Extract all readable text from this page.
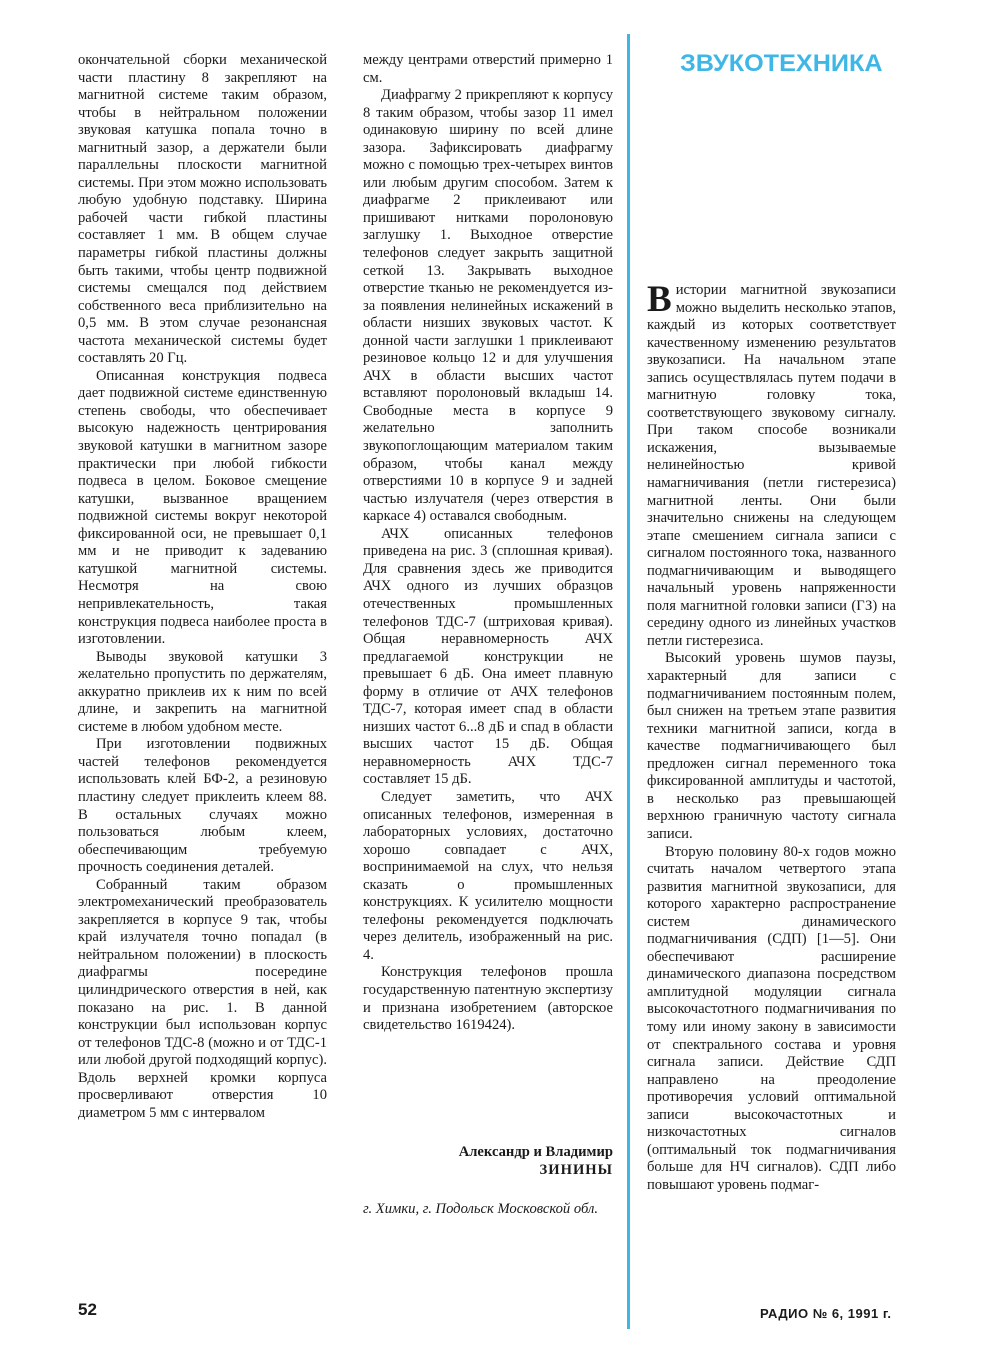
ЗВУКОТЕХНИКА

окончательной сборки механической части пластину 8 закрепляют на магнитной системе таким образом, чтобы в нейтральном положении звуковая катушка попала точно в магнитный зазор, а держатели были параллельны плоскости магнитной системы. При этом можно использовать любую удобную подставку. Ширина рабочей части гибкой пластины составляет 1 мм. В общем случае параметры гибкой пластины должны быть такими, чтобы центр подвижной системы смещался под действием собственного веса приблизительно на 0,5 мм. В этом случае резонансная частота механической системы будет составлять 20 Гц.

Описанная конструкция подвеса дает подвижной системе единственную степень свободы, что обеспечивает высокую надежность центрирования звуковой катушки в магнитном зазоре практически при любой гибкости подвеса в целом. Боковое смещение катушки, вызванное вращением подвижной системы вокруг некоторой фиксированной оси, не превышает 0,1 мм и не приводит к задеванию катушкой магнитной системы. Несмотря на свою непривлекательность, такая конструкция подвеса наиболее проста в изготовлении.

Выводы звуковой катушки 3 желательно пропустить по держателям, аккуратно приклеив их к ним по всей длине, и закрепить на магнитной системе в любом удобном месте.

При изготовлении подвижных частей телефонов рекомендуется использовать клей БФ-2, а резиновую пластину следует приклеить клеем 88. В остальных случаях можно пользоваться любым клеем, обеспечивающим требуемую прочность соединения деталей.

Собранный таким образом электромеханический преобразователь закрепляется в корпусе 9 так, чтобы край излучателя точно попадал (в нейтральном положении) в плоскость диафрагмы посередине цилиндрического отверстия в ней, как показано на рис. 1. В данной конструкции был использован корпус от телефонов ТДС-8 (можно и от ТДС-1 или любой другой подходящий корпус). Вдоль верхней кромки корпуса просверливают отверстия 10 диаметром 5 мм с интервалом

между центрами отверстий примерно 1 см.

Диафрагму 2 прикрепляют к корпусу 8 таким образом, чтобы зазор 11 имел одинаковую ширину по всей длине зазора. Зафиксировать диафрагму можно с помощью трех-четырех винтов или любым другим способом. Затем к диафрагме 2 приклеивают или пришивают нитками поролоновую заглушку 1. Выходное отверстие телефонов следует закрыть защитной сеткой 13. Закрывать выходное отверстие тканью не рекомендуется из-за появления нелинейных искажений в области низших звуковых частот. К донной части заглушки 1 приклеивают резиновое кольцо 12 и для улучшения АЧХ в области высших частот вставляют поролоновый вкладыш 14. Свободные места в корпусе 9 желательно заполнить звукопоглощающим материалом таким образом, чтобы канал между отверстиями 10 в корпусе 9 и задней частью излучателя (через отверстия в каркасе 4) оставался свободным.

АЧХ описанных телефонов приведена на рис. 3 (сплошная кривая). Для сравнения здесь же приводится АЧХ одного из лучших образцов отечественных промышленных телефонов ТДС-7 (штриховая кривая). Общая неравномерность АЧХ предлагаемой конструкции не превышает 6 дБ. Она имеет плавную форму в отличие от АЧХ телефонов ТДС-7, которая имеет спад в области низших частот 6...8 дБ и спад в области высших частот 15 дБ. Общая неравномерность АЧХ ТДС-7 составляет 15 дБ.

Следует заметить, что АЧХ описанных телефонов, измеренная в лабораторных условиях, достаточно хорошо совпадает с АЧХ, воспринимаемой на слух, что нельзя сказать о промышленных конструкциях. К усилителю мощности телефоны рекомендуется подключать через делитель, изображенный на рис. 4.

Конструкция телефонов прошла государственную патентную экспертизу и признана изобретением (авторское свидетельство 1619424).

Александр и Владимир

ЗИНИНЫ

г. Химки, г. Подольск Московской обл.

Вистории магнитной звукозаписи можно выделить несколько этапов, каждый из которых соответствует качественному изменению результатов звукозаписи. На начальном этапе запись осуществлялась путем подачи в магнитную головку тока, соответствующего звуковому сигналу. При таком способе возникали искажения, вызываемые нелинейностью кривой намагничивания (петли гистерезиса) магнитной ленты. Они были значительно снижены на следующем этапе смешением сигнала записи с сигналом постоянного тока, названного подмагничивающим и выводящего начальный уровень напряженности поля магнитной головки записи (ГЗ) на середину одного из линейных участков петли гистерезиса.

Высокий уровень шумов паузы, характерный для записи с подмагничиванием постоянным полем, был снижен на третьем этапе развития техники магнитной записи, когда в качестве подмагничивающего был предложен сигнал переменного тока фиксированной амплитуды и частотой, в несколько раз превышающей верхнюю граничную частоту сигнала записи.

Вторую половину 80-х годов можно считать началом четвертого этапа развития магнитной звукозаписи, для которого характерно распространение систем динамического подмагничивания (СДП) [1—5]. Они обеспечивают расширение динамического диапазона посредством амплитудной модуляции сигнала высокочастотного подмагничивания по тому или иному закону в зависимости от спектрального состава и уровня сигнала записи. Действие СДП направлено на преодоление противоречия условий оптимальной записи высокочастотных и низкочастотных сигналов (оптимальный ток подмагничивания больше для НЧ сигналов). СДП либо повышают уровень подмаг-

52	РАДИО № 6, 1991 г.
